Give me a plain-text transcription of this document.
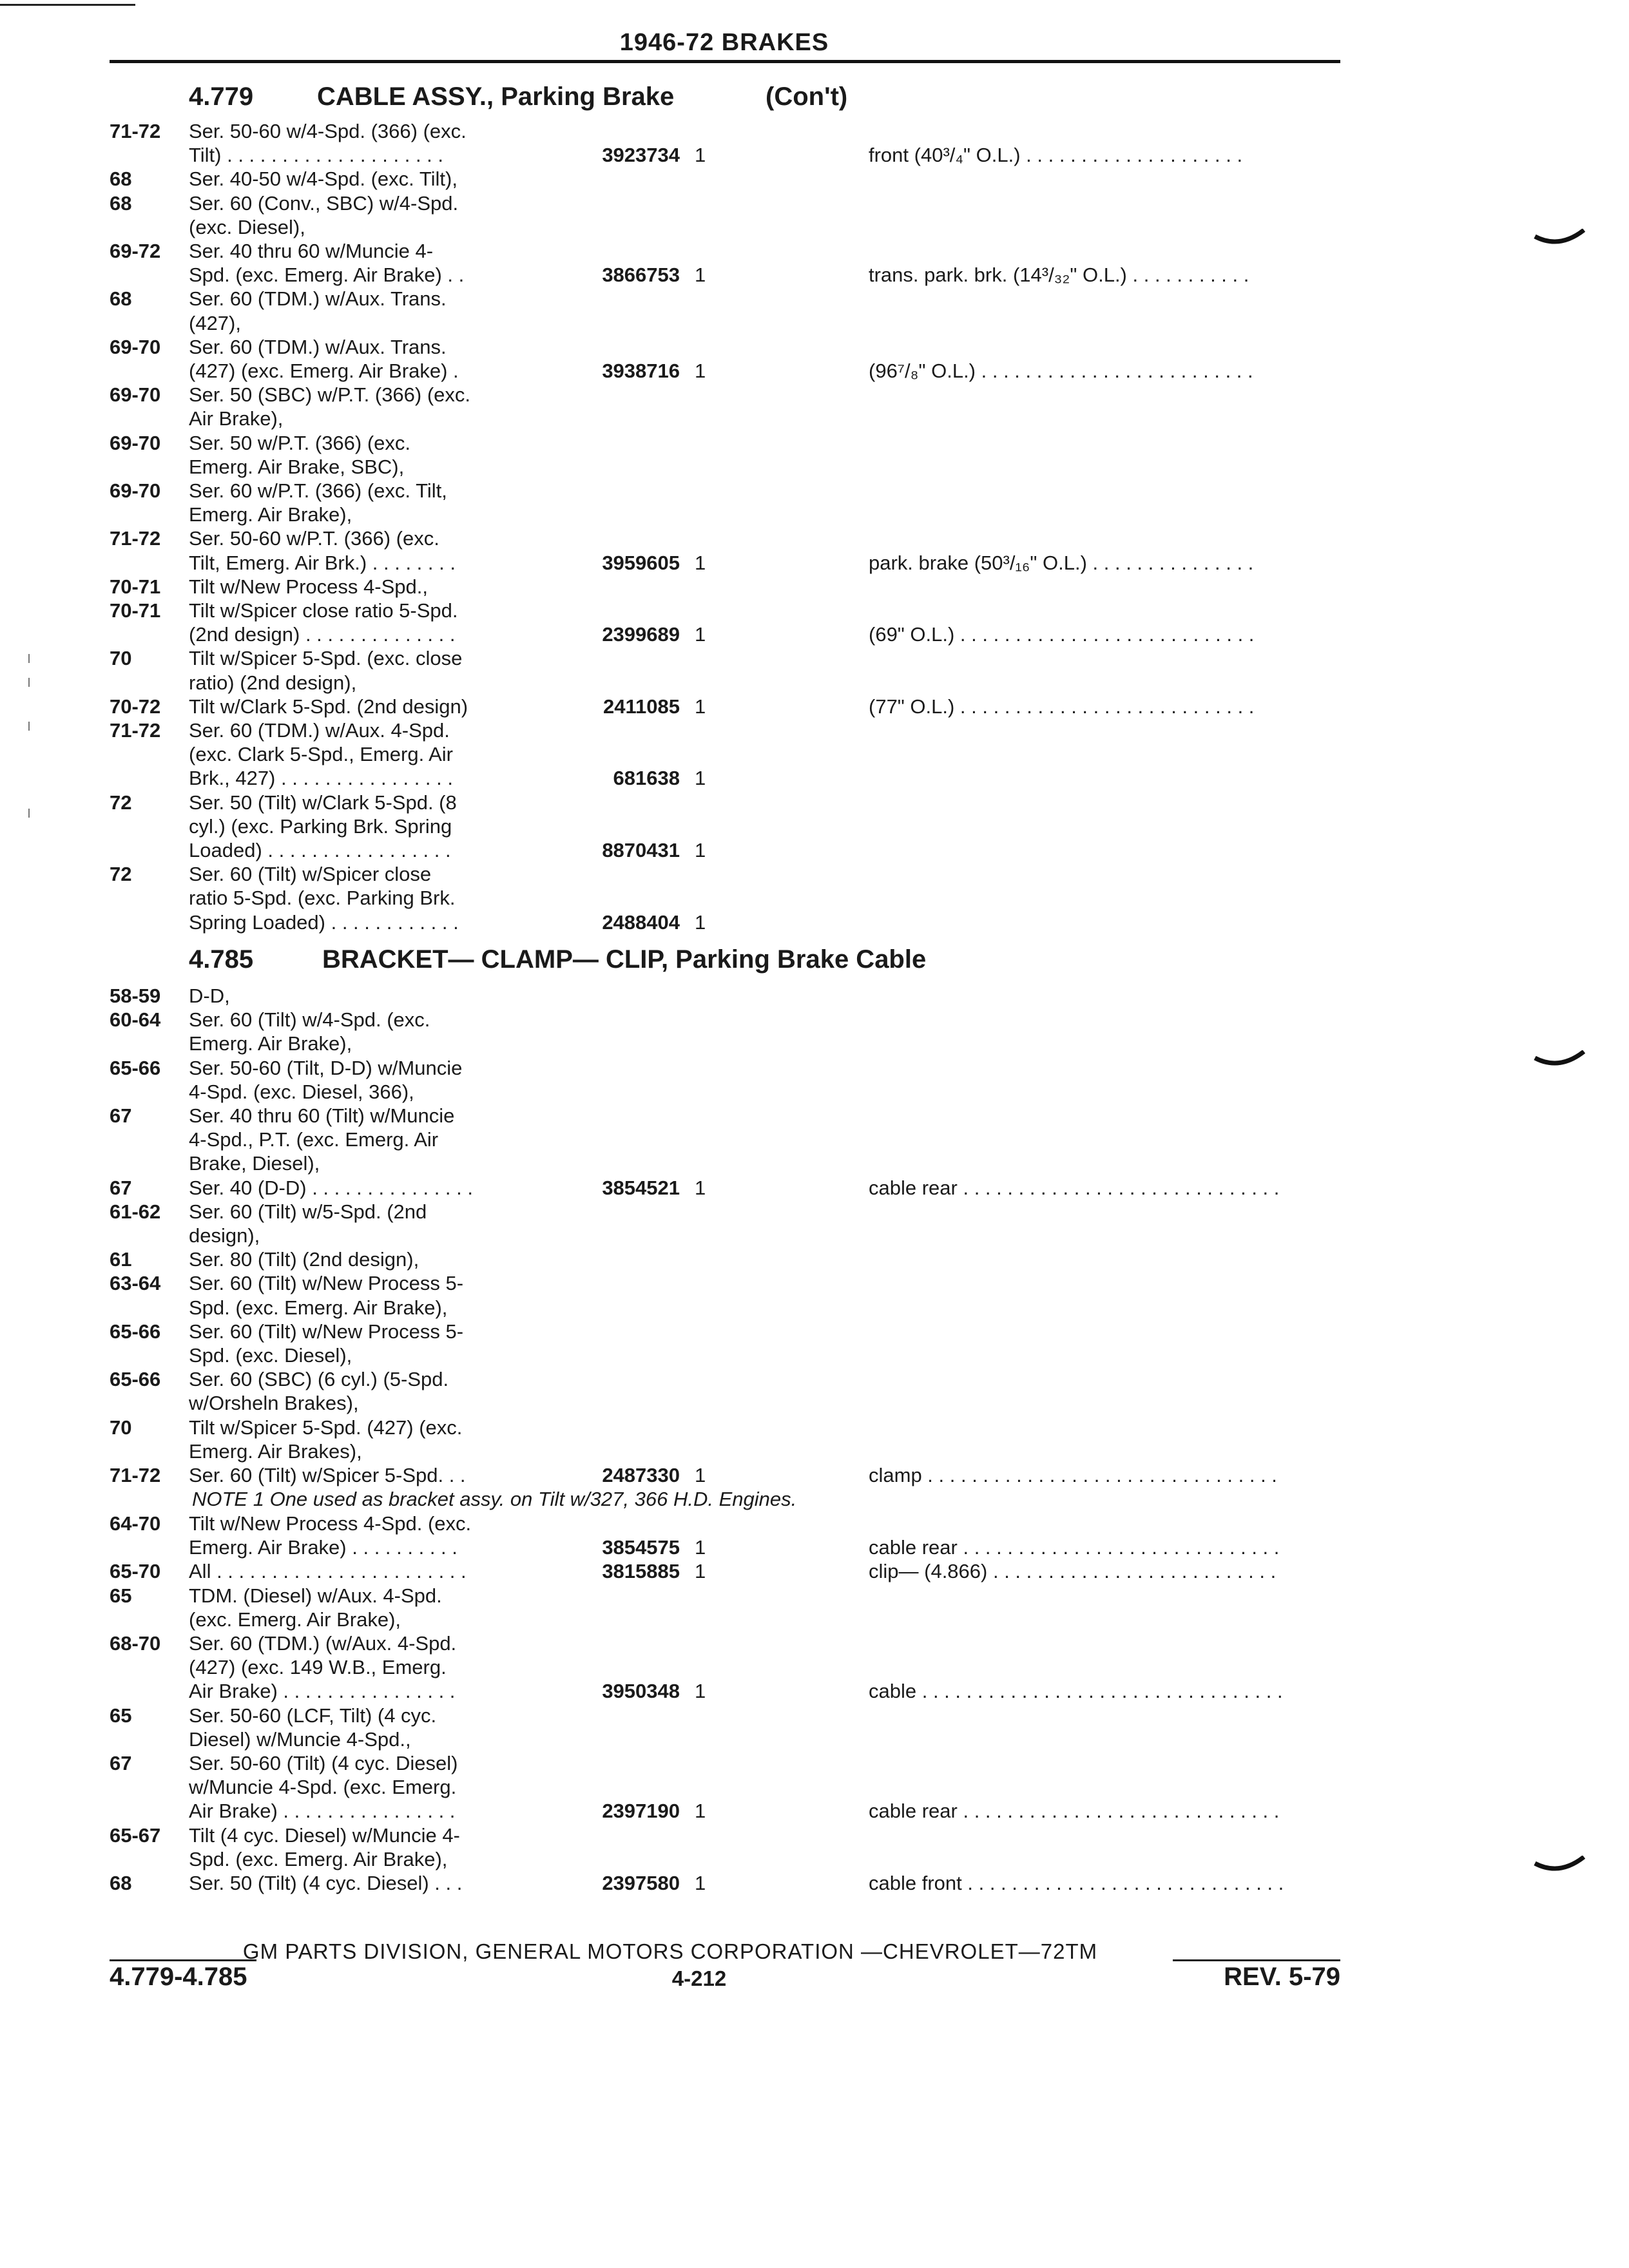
1946-72 BRAKES
4.779 CABLE ASSY., Parking Brake	(Con't)
71-72 Ser. 50-60 w/4-Spd. (366) (exc.
Tilt) . . . . . . . . . . . . . . . . . . . .	3923734 1	front (40³/₄" O.L.) . . . . . . . . . . . . . . . . . . . .
68	Ser. 40-50 w/4-Spd. (exc. Tilt),
68	Ser. 60 (Conv., SBC) w/4-Spd.
(exc. Diesel),
69-72 Ser. 40 thru 60 w/Muncie 4-
Spd. (exc. Emerg. Air Brake) . .	3866753 1	trans. park. brk. (14³/₃₂" O.L.) . . . . . . . . . . .
68	Ser. 60 (TDM.) w/Aux. Trans.
(427),
69-70 Ser. 60 (TDM.) w/Aux. Trans.
(427) (exc. Emerg. Air Brake) .	3938716 1	(96⁷/₈" O.L.) . . . . . . . . . . . . . . . . . . . . . . . . .
69-70 Ser. 50 (SBC) w/P.T. (366) (exc.
Air Brake),
69-70 Ser. 50 w/P.T. (366) (exc.
Emerg. Air Brake, SBC),
69-70 Ser. 60 w/P.T. (366) (exc. Tilt,
Emerg. Air Brake),
71-72 Ser. 50-60 w/P.T. (366) (exc.
Tilt, Emerg. Air Brk.) . . . . . . . .	3959605 1	park. brake (50³/₁₆" O.L.) . . . . . . . . . . . . . . .
70-71 Tilt w/New Process 4-Spd.,
70-71 Tilt w/Spicer close ratio 5-Spd.
(2nd design) . . . . . . . . . . . . . .	2399689 1	(69" O.L.) . . . . . . . . . . . . . . . . . . . . . . . . . . .
70	Tilt w/Spicer 5-Spd. (exc. close
ratio) (2nd design),
70-72 Tilt w/Clark 5-Spd. (2nd design)	2411085 1	(77" O.L.) . . . . . . . . . . . . . . . . . . . . . . . . . . .
71-72 Ser. 60 (TDM.) w/Aux. 4-Spd.
(exc. Clark 5-Spd., Emerg. Air
Brk., 427) . . . . . . . . . . . . . . . .	681638 1
72	Ser. 50 (Tilt) w/Clark 5-Spd. (8
cyl.) (exc. Parking Brk. Spring
Loaded) . . . . . . . . . . . . . . . . .	8870431 1
72	Ser. 60 (Tilt) w/Spicer close
ratio 5-Spd. (exc. Parking Brk.
Spring Loaded) . . . . . . . . . . . .	2488404 1
4.785	BRACKET— CLAMP— CLIP, Parking Brake Cable
58-59 D-D,
60-64 Ser. 60 (Tilt) w/4-Spd. (exc.
Emerg. Air Brake),
65-66 Ser. 50-60 (Tilt, D-D) w/Muncie
4-Spd. (exc. Diesel, 366),
67	Ser. 40 thru 60 (Tilt) w/Muncie
4-Spd., P.T. (exc. Emerg. Air
Brake, Diesel),
67	Ser. 40 (D-D) . . . . . . . . . . . . . . .	3854521 1	cable rear . . . . . . . . . . . . . . . . . . . . . . . . . . . . .
61-62 Ser. 60 (Tilt) w/5-Spd. (2nd
design),
61	Ser. 80 (Tilt) (2nd design),
63-64 Ser. 60 (Tilt) w/New Process 5-
Spd. (exc. Emerg. Air Brake),
65-66 Ser. 60 (Tilt) w/New Process 5-
Spd. (exc. Diesel),
65-66 Ser. 60 (SBC) (6 cyl.) (5-Spd.
w/Orsheln Brakes),
70	Tilt w/Spicer 5-Spd. (427) (exc.
Emerg. Air Brakes),
71-72 Ser. 60 (Tilt) w/Spicer 5-Spd. . .	2487330 1	clamp . . . . . . . . . . . . . . . . . . . . . . . . . . . . . . . .
NOTE 1 One used as bracket assy. on Tilt w/327, 366 H.D. Engines.
64-70 Tilt w/New Process 4-Spd. (exc.
Emerg. Air Brake) . . . . . . . . . .	3854575 1	cable rear . . . . . . . . . . . . . . . . . . . . . . . . . . . . .
65-70 All . . . . . . . . . . . . . . . . . . . . . . .	3815885 1	clip— (4.866) . . . . . . . . . . . . . . . . . . . . . . . . . .
65	TDM. (Diesel) w/Aux. 4-Spd.
(exc. Emerg. Air Brake),
68-70 Ser. 60 (TDM.) (w/Aux. 4-Spd.
(427) (exc. 149 W.B., Emerg.
Air Brake) . . . . . . . . . . . . . . . .	3950348 1	cable . . . . . . . . . . . . . . . . . . . . . . . . . . . . . . . . .
65	Ser. 50-60 (LCF, Tilt) (4 cyc.
Diesel) w/Muncie 4-Spd.,
67	Ser. 50-60 (Tilt) (4 cyc. Diesel)
w/Muncie 4-Spd. (exc. Emerg.
Air Brake) . . . . . . . . . . . . . . . .	2397190 1	cable rear . . . . . . . . . . . . . . . . . . . . . . . . . . . . .
65-67 Tilt (4 cyc. Diesel) w/Muncie 4-
Spd. (exc. Emerg. Air Brake),
68	Ser. 50 (Tilt) (4 cyc. Diesel) . . .	2397580 1	cable front . . . . . . . . . . . . . . . . . . . . . . . . . . . . .
GM PARTS DIVISION, GENERAL MOTORS CORPORATION —CHEVROLET—72TM
4.779-4.785	4-212	REV. 5-79
